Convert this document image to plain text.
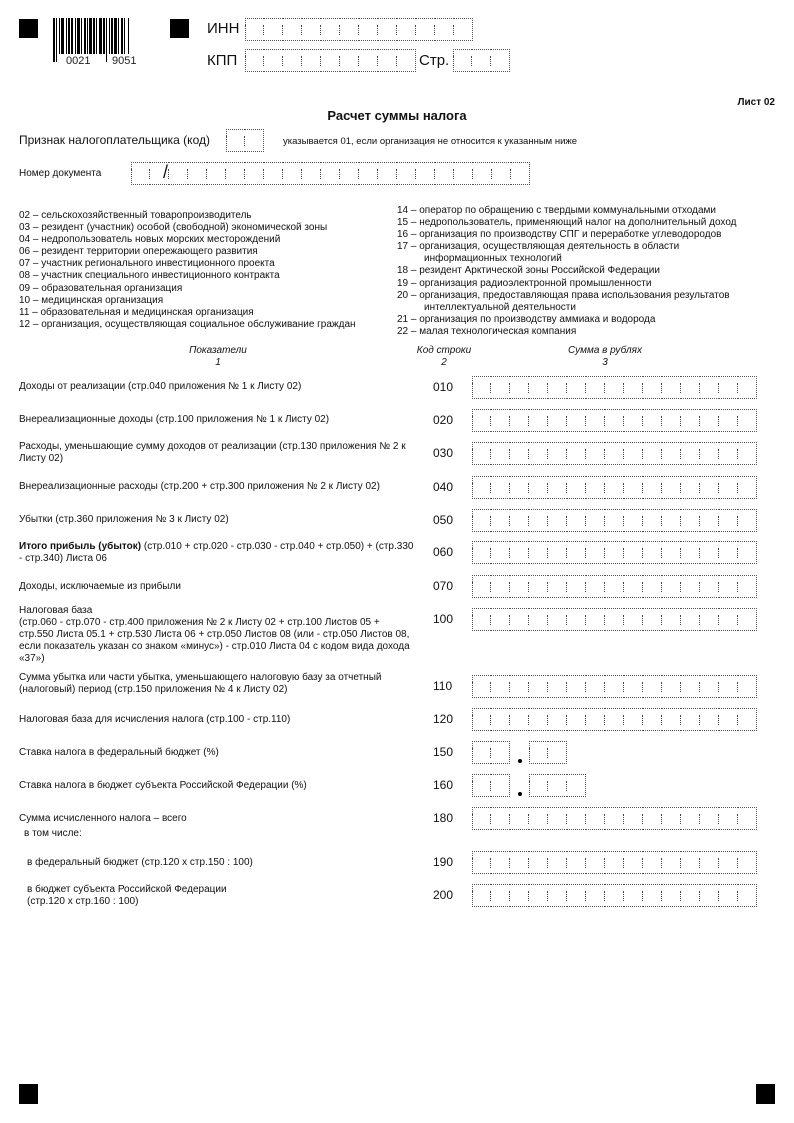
0021 9051
ИНН
КПП	Стр.
Лист 02
Расчет суммы налога
Признак налогоплательщика (код)	указывается 01, если организация не относится к указанным ниже
Номер документа	/
02 – сельскохозяйственный товаропроизводитель
03 – резидент (участник) особой (свободной) экономической зоны
04 – недропользователь новых морских месторождений
06 – резидент территории опережающего развития
07 – участник регионального инвестиционного проекта
08 – участник специального инвестиционного контракта
09 – образовательная организация
10 – медицинская организация
11 – образовательная и медицинская организация
12 – организация, осуществляющая социальное обслуживание граждан
14 – оператор по обращению с твердыми коммунальными отходами
15 – недропользователь, применяющий налог на дополнительный доход
16 – организация по производству СПГ и переработке углеводородов
17 – организация, осуществляющая деятельность в области
информационных технологий
18 – резидент Арктической зоны Российской Федерации
19 – организация радиоэлектронной промышленности
20 – организация, предоставляющая права использования результатов
интеллектуальной деятельности
21 – организация по производству аммиака и водорода
22 – малая технологическая компания
Показатели
1
Код строки
2
Сумма в рублях
3
Доходы от реализации (стр.040 приложения № 1 к Листу 02)	010
Внереализационные доходы (стр.100 приложения № 1 к Листу 02)	020
Расходы, уменьшающие сумму доходов от реализации (стр.130 приложения № 2 к Листу 02)	030
Внереализационные расходы (стр.200 + стр.300 приложения № 2 к Листу 02)	040
Убытки (стр.360 приложения № 3 к Листу 02)	050
Итого прибыль (убыток) (стр.010 + стр.020 - стр.030 - стр.040 + стр.050) + (стр.330 - стр.340) Листа 06	060
Доходы, исключаемые из прибыли	070
Налоговая база
(стр.060 - стр.070 - стр.400 приложения № 2 к Листу 02 + стр.100 Листов 05 + стр.550 Листа 05.1 + стр.530 Листа 06 + стр.050 Листов 08 (или - стр.050 Листов 08, если показатель указан со знаком «минус») - стр.010 Листа 04 с кодом вида дохода «37»)
100
Сумма убытка или части убытка, уменьшающего налоговую базу за отчетный (налоговый) период (стр.150 приложения № 4 к Листу 02)	110
Налоговая база для исчисления налога (стр.100 - стр.110)	120
Ставка налога в федеральный бюджет (%)	150
Ставка налога в бюджет субъекта Российской Федерации (%)	160
Сумма исчисленного налога – всего	180
в том числе:
в федеральный бюджет (стр.120 x стр.150 : 100)	190
в бюджет субъекта Российской Федерации
(стр.120 x стр.160 : 100)	200
